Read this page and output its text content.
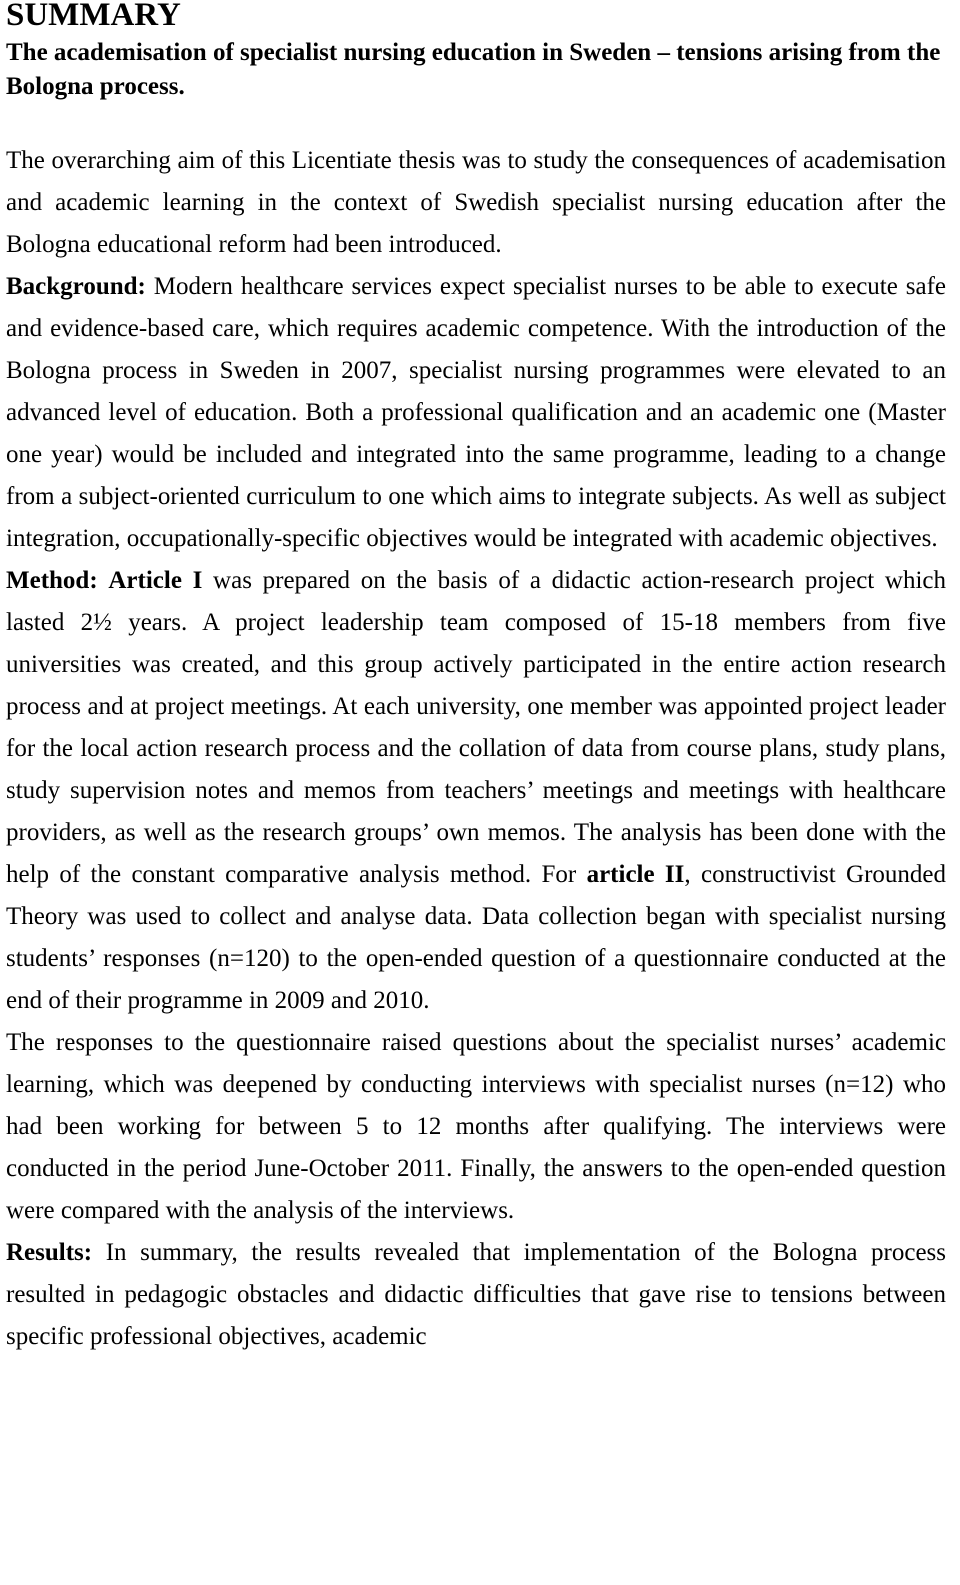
SUMMARY
The academisation of specialist nursing education in Sweden – tensions arising from the Bologna process.

The overarching aim of this Licentiate thesis was to study the consequences of academisation and academic learning in the context of Swedish specialist nursing education after the Bologna educational reform had been introduced.

Background: Modern healthcare services expect specialist nurses to be able to execute safe and evidence-based care, which requires academic competence. With the introduction of the Bologna process in Sweden in 2007, specialist nursing programmes were elevated to an advanced level of education. Both a professional qualification and an academic one (Master one year) would be included and integrated into the same programme, leading to a change from a subject-oriented curriculum to one which aims to integrate subjects. As well as subject integration, occupationally-specific objectives would be integrated with academic objectives.

Method: Article I was prepared on the basis of a didactic action-research project which lasted 2½ years. A project leadership team composed of 15-18 members from five universities was created, and this group actively participated in the entire action research process and at project meetings. At each university, one member was appointed project leader for the local action research process and the collation of data from course plans, study plans, study supervision notes and memos from teachers’ meetings and meetings with healthcare providers, as well as the research groups’ own memos. The analysis has been done with the help of the constant comparative analysis method. For article II, constructivist Grounded Theory was used to collect and analyse data. Data collection began with specialist nursing students’ responses (n=120) to the open-ended question of a questionnaire conducted at the end of their programme in 2009 and 2010.

The responses to the questionnaire raised questions about the specialist nurses’ academic learning, which was deepened by conducting interviews with specialist nurses (n=12) who had been working for between 5 to 12 months after qualifying. The interviews were conducted in the period June-October 2011. Finally, the answers to the open-ended question were compared with the analysis of the interviews.

Results: In summary, the results revealed that implementation of the Bologna process resulted in pedagogic obstacles and didactic difficulties that gave rise to tensions between specific professional objectives, academic
